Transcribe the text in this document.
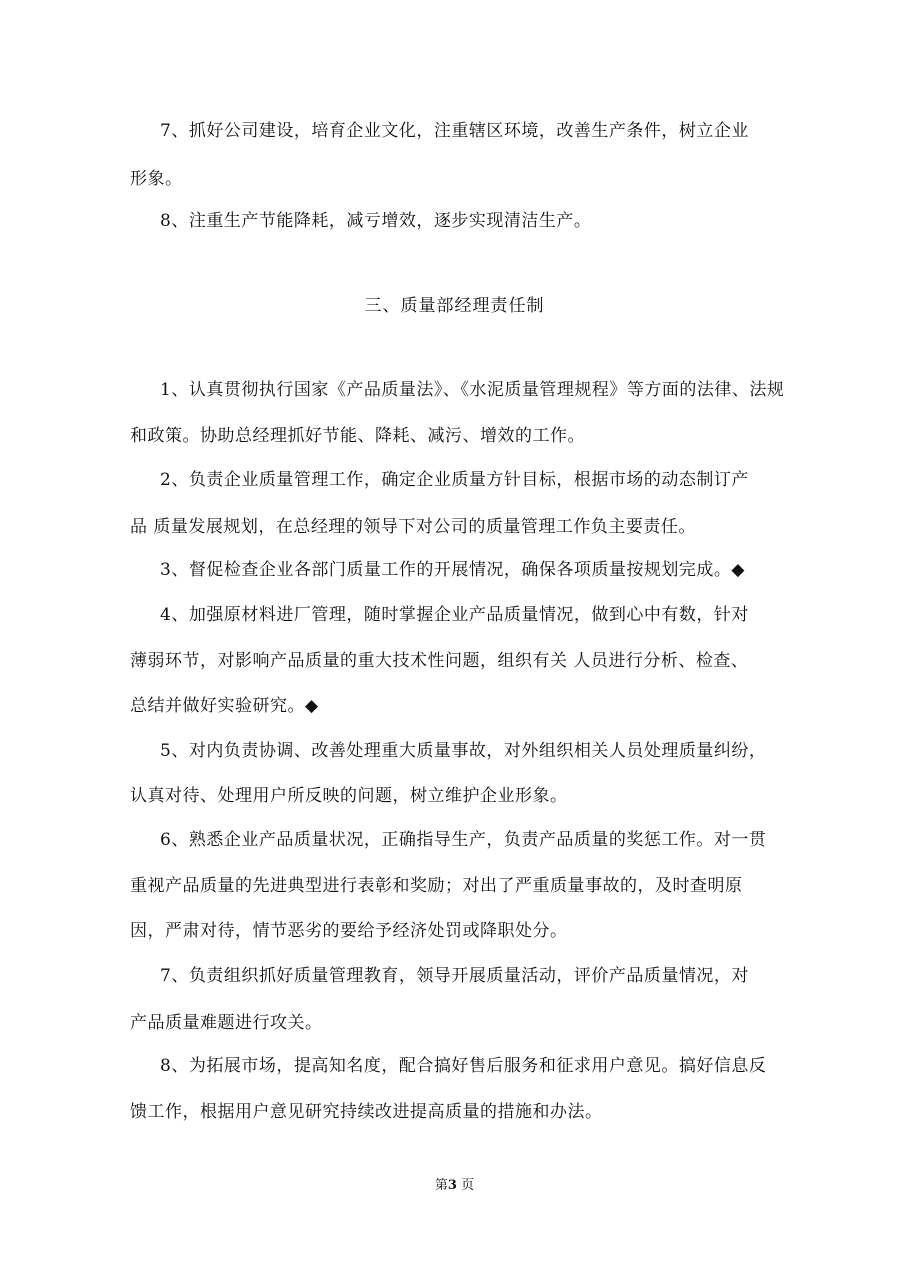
7、抓好公司建设，培育企业文化，注重辖区环境，改善生产条件，树立企业
形象。
8、注重生产节能降耗，减亏增效，逐步实现清洁生产。
三、质量部经理责任制
1、认真贯彻执行国家《产品质量法》、《水泥质量管理规程》等方面的法律、法规
和政策。协助总经理抓好节能、降耗、减污、增效的工作。
2、负责企业质量管理工作，确定企业质量方针目标，根据市场的动态制订产
品 质量发展规划，在总经理的领导下对公司的质量管理工作负主要责任。
3、督促检查企业各部门质量工作的开展情况，确保各项质量按规划完成。◆
4、加强原材料进厂管理，随时掌握企业产品质量情况，做到心中有数，针对
薄弱环节，对影响产品质量的重大技术性问题，组织有关 人员进行分析、检查、
总结并做好实验研究。◆
5、对内负责协调、改善处理重大质量事故，对外组织相关人员处理质量纠纷，
认真对待、处理用户所反映的问题，树立维护企业形象。
6、熟悉企业产品质量状况，正确指导生产，负责产品质量的奖惩工作。对一贯
重视产品质量的先进典型进行表彰和奖励；对出了严重质量事故的，及时查明原
因，严肃对待，情节恶劣的要给予经济处罚或降职处分。
7、负责组织抓好质量管理教育，领导开展质量活动，评价产品质量情况，对
产品质量难题进行攻关。
8、为拓展市场，提高知名度，配合搞好售后服务和征求用户意见。搞好信息反
馈工作，根据用户意见研究持续改进提高质量的措施和办法。
第3 页
